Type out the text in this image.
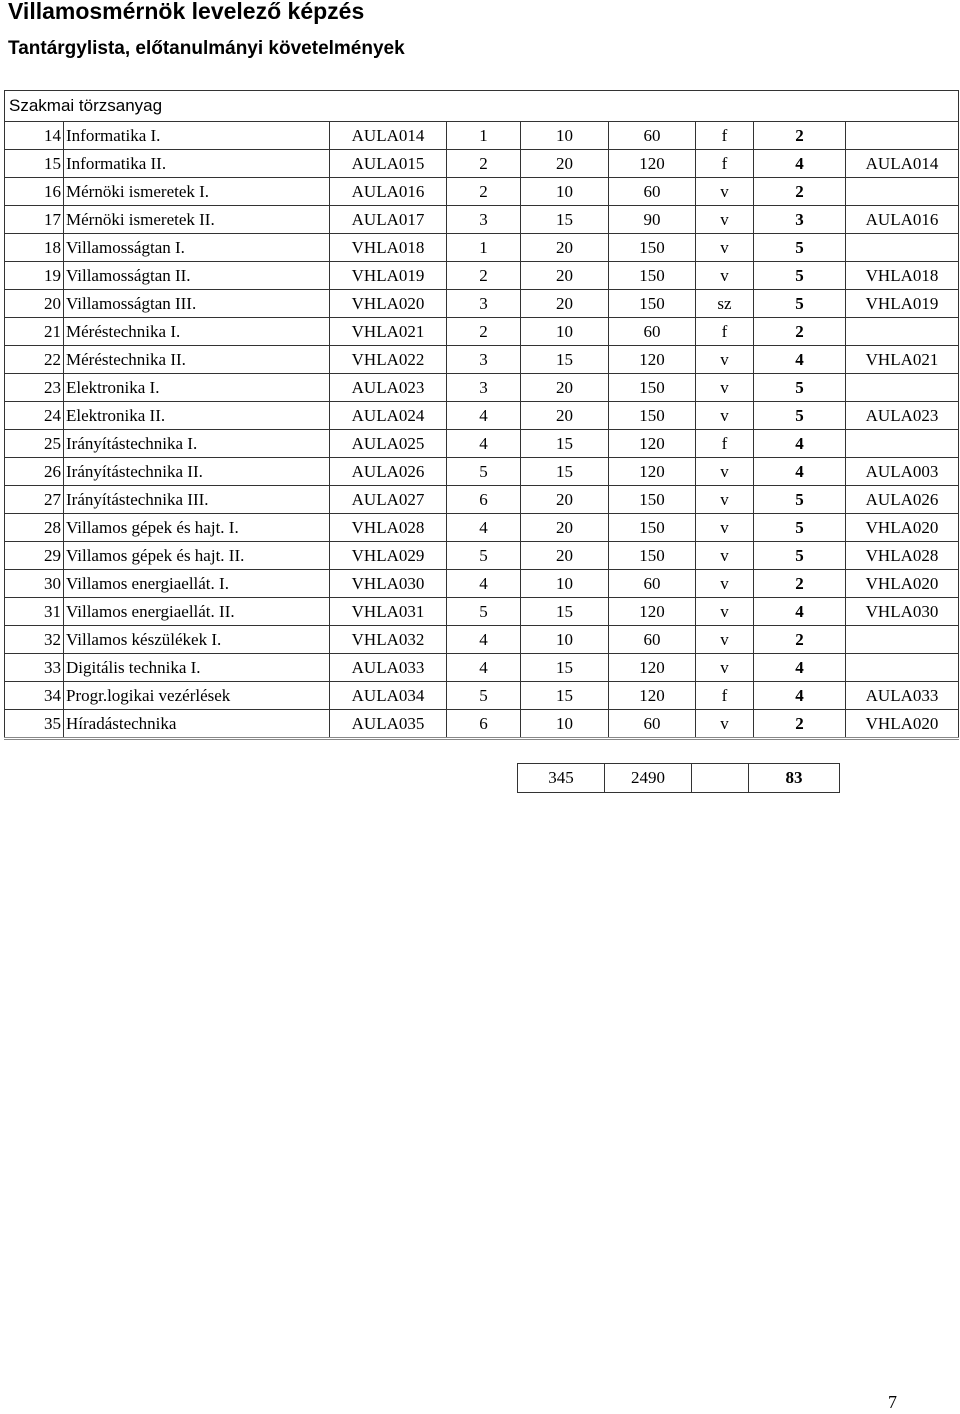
Villamosmérnök levelező képzés
Tantárgylista, előtanulmányi követelmények
Szakmai törzsanyag								
14	Informatika I.	AULA014	1	10	60	f	2	
15	Informatika II.	AULA015	2	20	120	f	4	AULA014
16	Mérnöki ismeretek I.	AULA016	2	10	60	v	2	
17	Mérnöki ismeretek II.	AULA017	3	15	90	v	3	AULA016
18	Villamosságtan I.	VHLA018	1	20	150	v	5	
19	Villamosságtan II.	VHLA019	2	20	150	v	5	VHLA018
20	Villamosságtan III.	VHLA020	3	20	150	sz	5	VHLA019
21	Méréstechnika I.	VHLA021	2	10	60	f	2	
22	Méréstechnika II.	VHLA022	3	15	120	v	4	VHLA021
23	Elektronika I.	AULA023	3	20	150	v	5	
24	Elektronika II.	AULA024	4	20	150	v	5	AULA023
25	Irányítástechnika I.	AULA025	4	15	120	f	4	
26	Irányítástechnika II.	AULA026	5	15	120	v	4	AULA003
27	Irányítástechnika III.	AULA027	6	20	150	v	5	AULA026
28	Villamos gépek és hajt. I.	VHLA028	4	20	150	v	5	VHLA020
29	Villamos gépek és hajt. II.	VHLA029	5	20	150	v	5	VHLA028
30	Villamos energiaellát. I.	VHLA030	4	10	60	v	2	VHLA020
31	Villamos energiaellát. II.	VHLA031	5	15	120	v	4	VHLA030
32	Villamos készülékek I.	VHLA032	4	10	60	v	2	
33	Digitális technika I.	AULA033	4	15	120	v	4	
34	Progr.logikai vezérlések	AULA034	5	15	120	f	4	AULA033
35	Híradástechnika	AULA035	6	10	60	v	2	VHLA020
345	2490		83
7
